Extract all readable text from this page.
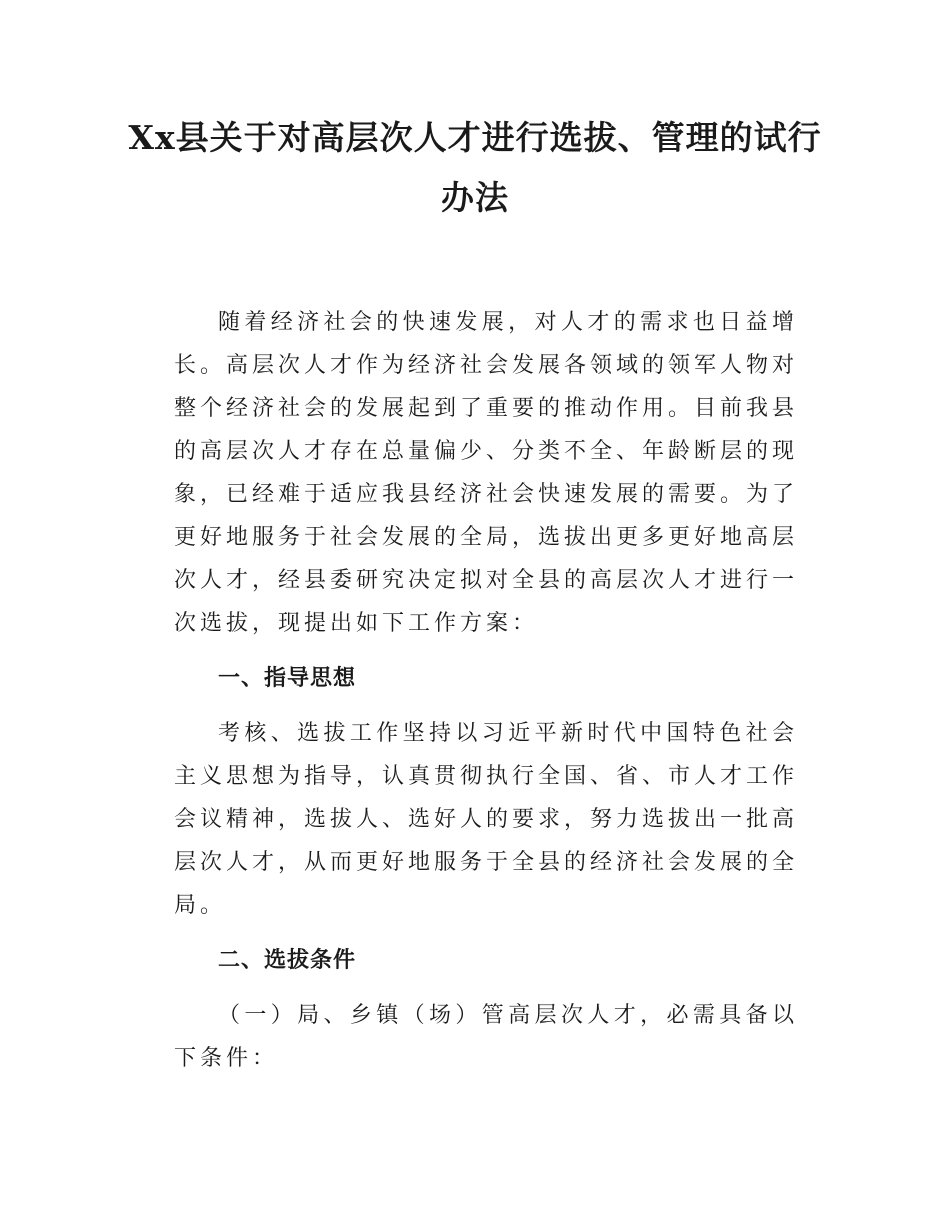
Xx县关于对高层次人才进行选拔、管理的试行办法

随着经济社会的快速发展，对人才的需求也日益增长。高层次人才作为经济社会发展各领域的领军人物对整个经济社会的发展起到了重要的推动作用。目前我县的高层次人才存在总量偏少、分类不全、年龄断层的现象，已经难于适应我县经济社会快速发展的需要。为了更好地服务于社会发展的全局，选拔出更多更好地高层次人才，经县委研究决定拟对全县的高层次人才进行一次选拔，现提出如下工作方案：

一、指导思想

考核、选拔工作坚持以习近平新时代中国特色社会主义思想为指导，认真贯彻执行全国、省、市人才工作会议精神，选拔人、选好人的要求，努力选拔出一批高层次人才，从而更好地服务于全县的经济社会发展的全局。

二、选拔条件

（一）局、乡镇（场）管高层次人才，必需具备以下条件：
